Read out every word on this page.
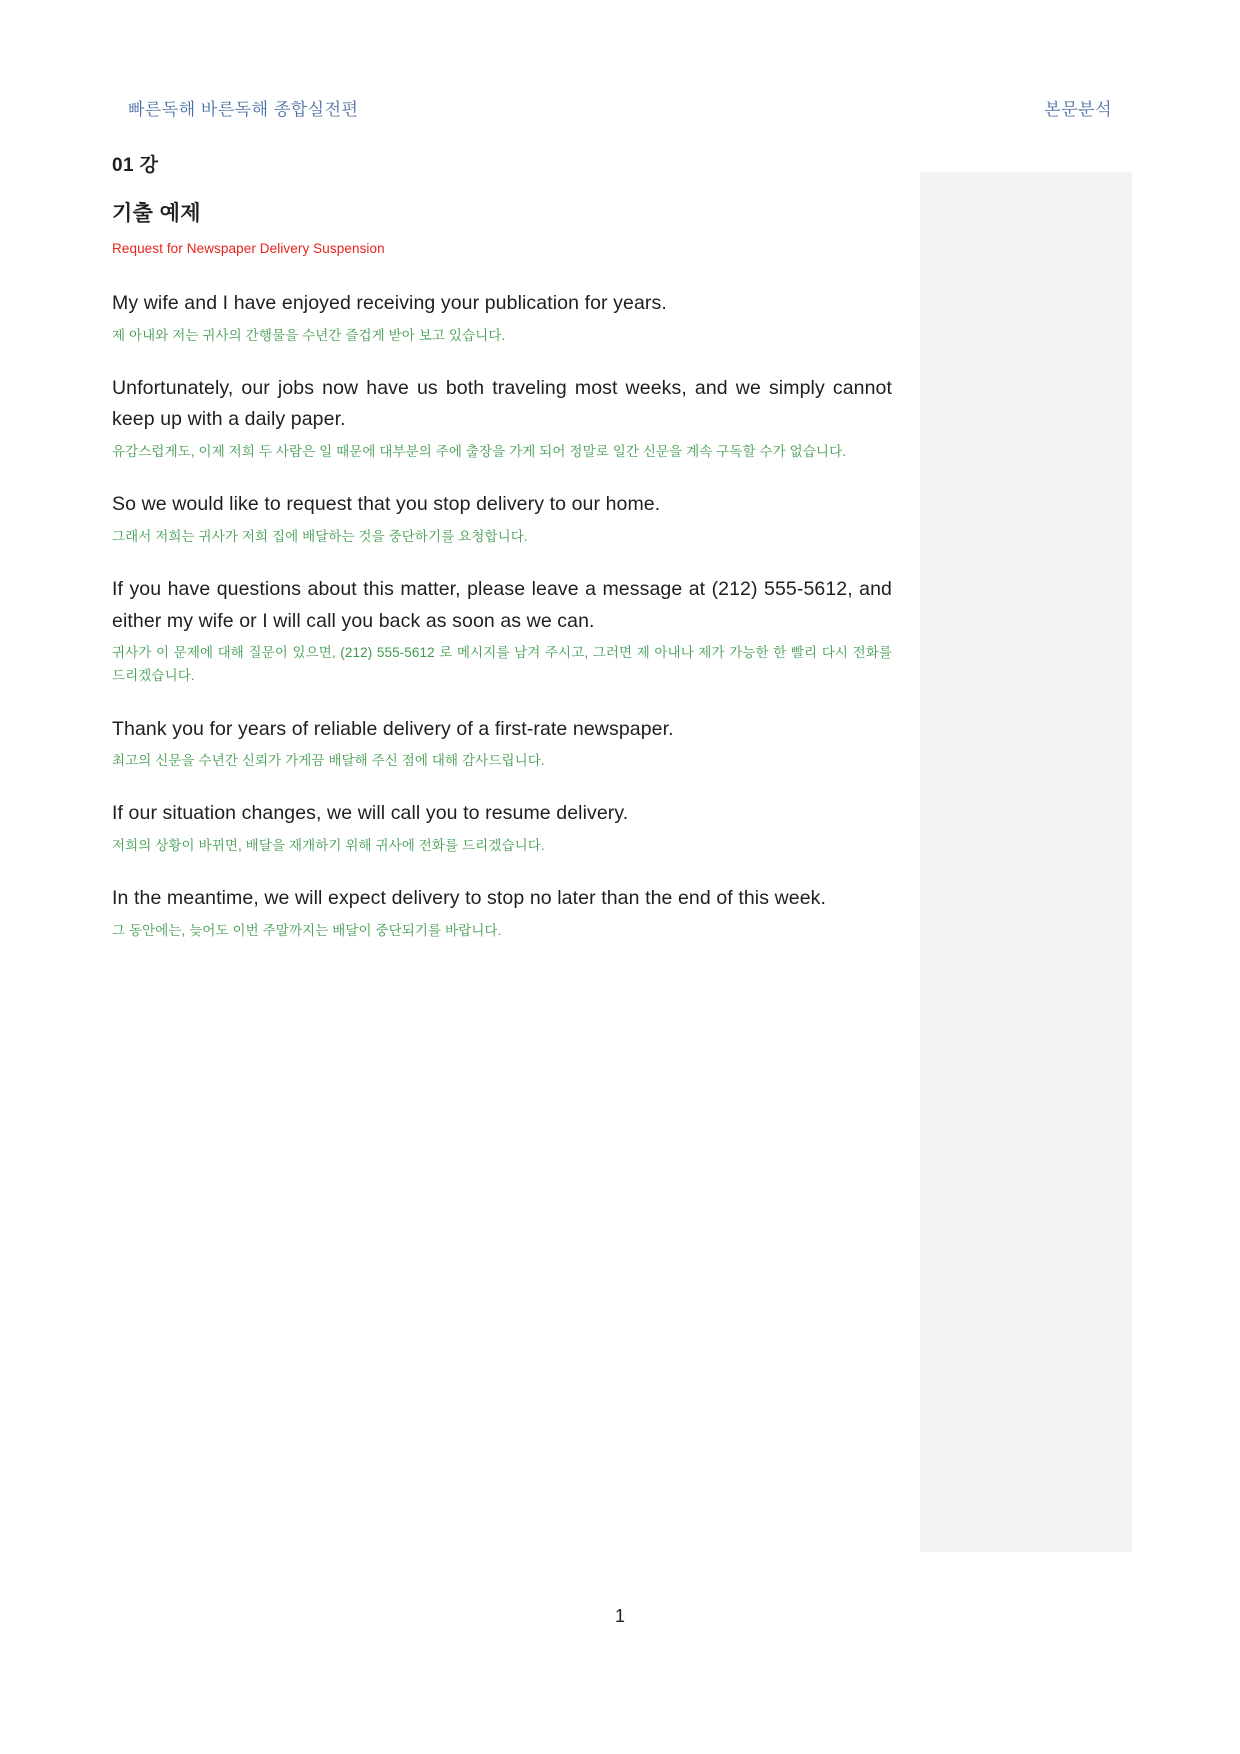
빠른독해 바른독해 종합실전편	본문분석
01 강
기출 예제
Request for Newspaper Delivery Suspension

My wife and I have enjoyed receiving your publication for years.

제 아내와 저는 귀사의 간행물을 수년간 즐겁게 받아 보고 있습니다.

Unfortunately, our jobs now have us both traveling most weeks, and we simply cannot keep up with a daily paper.

유감스럽게도, 이제 저희 두 사람은 일 때문에 대부분의 주에 출장을 가게 되어 정말로 일간 신문을 계속 구독할 수가 없습니다.

So we would like to request that you stop delivery to our home.

그래서 저희는 귀사가 저희 집에 배달하는 것을 중단하기를 요청합니다.

If you have questions about this matter, please leave a message at (212) 555-5612, and either my wife or I will call you back as soon as we can.

귀사가 이 문제에 대해 질문이 있으면, (212) 555-5612 로 메시지를 남겨 주시고, 그러면 제 아내나 제가 가능한 한 빨리 다시 전화를 드리겠습니다.

Thank you for years of reliable delivery of a first-rate newspaper.

최고의 신문을 수년간 신뢰가 가게끔 배달해 주신 점에 대해 감사드립니다.

If our situation changes, we will call you to resume delivery.

저희의 상황이 바뀌면, 배달을 재개하기 위해 귀사에 전화를 드리겠습니다.

In the meantime, we will expect delivery to stop no later than the end of this week.

그 동안에는, 늦어도 이번 주말까지는 배달이 중단되기를 바랍니다.

1
